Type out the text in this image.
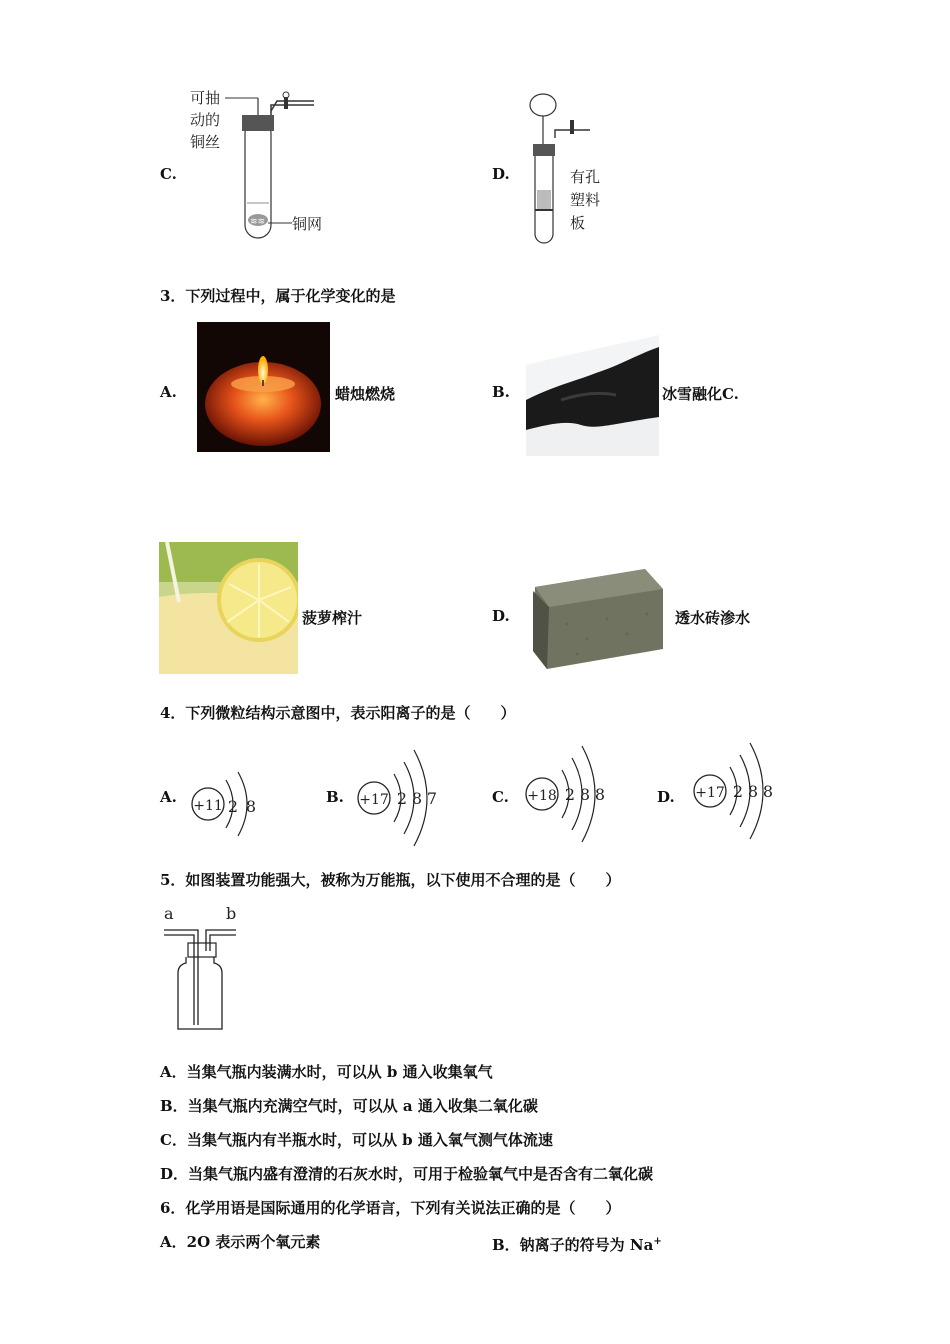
C.
可抽
动的
铜丝
≋≋ 铜网
D.	有孔
塑料
板
3．下列过程中，属于化学变化的是
A.	蜡烛燃烧	B.	冰雪融化C.
菠萝榨汁	D.	透水砖渗水
4．下列微粒结构示意图中，表示阳离子的是（　　）
A. +11 2 8	B. +17 2 8 7	C. +18 2 8 8	D. +17 2 8 8
5．如图装置功能强大，被称为万能瓶，以下使用不合理的是（　　）
a	b
A．当集气瓶内装满水时，可以从 b 通入收集氧气
B．当集气瓶内充满空气时，可以从 a 通入收集二氧化碳
C．当集气瓶内有半瓶水时，可以从 b 通入氧气测气体流速
D．当集气瓶内盛有澄清的石灰水时，可用于检验氧气中是否含有二氧化碳
6．化学用语是国际通用的化学语言，下列有关说法正确的是（　　）
A．2O 表示两个氧元素	B．钠离子的符号为 Na+
